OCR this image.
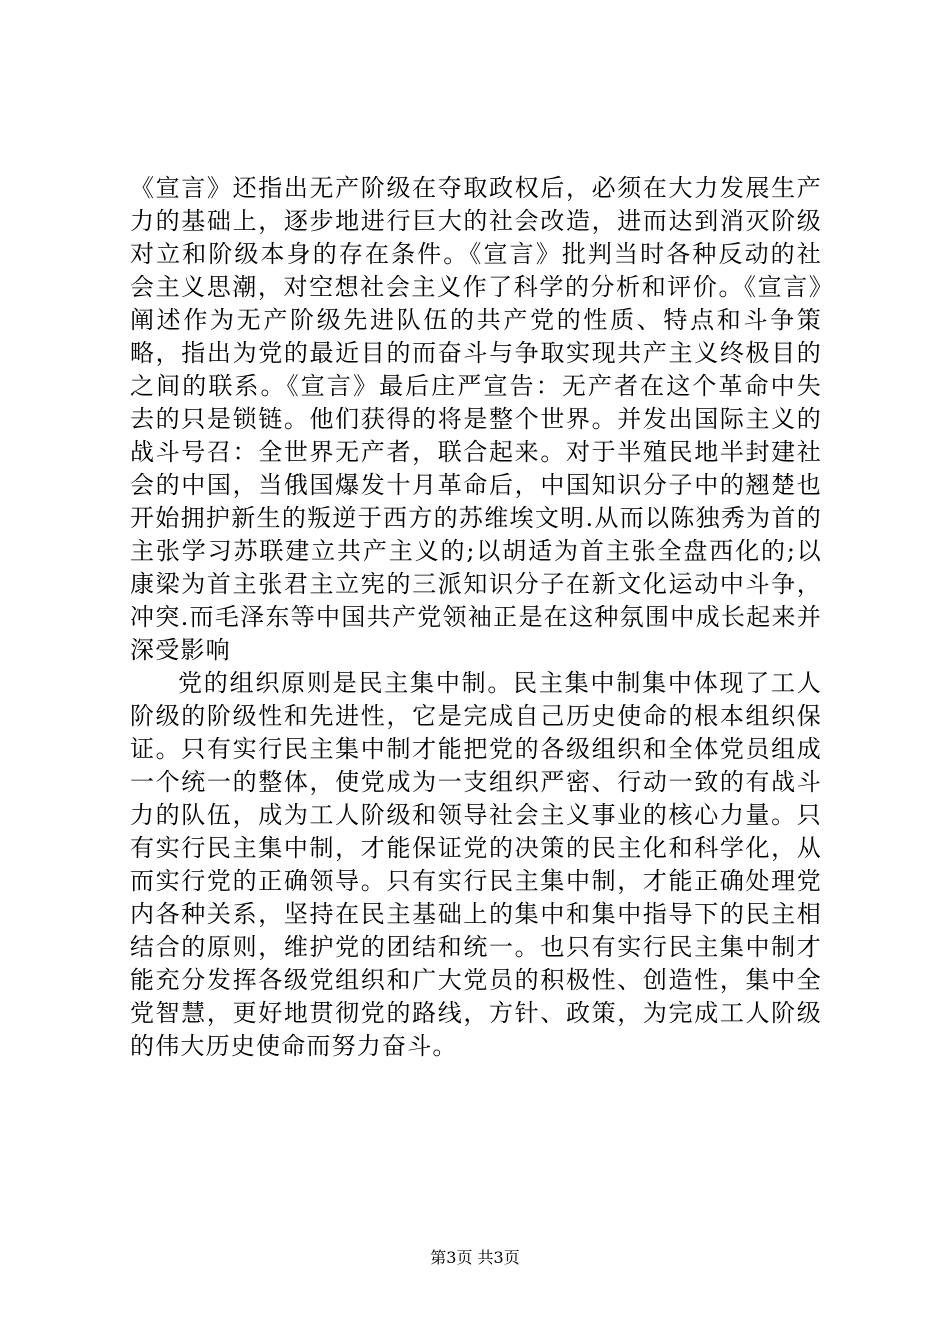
《宣言》还指出无产阶级在夺取政权后，必须在大力发展生产力的基础上，逐步地进行巨大的社会改造，进而达到消灭阶级对立和阶级本身的存在条件。《宣言》批判当时各种反动的社会主义思潮，对空想社会主义作了科学的分析和评价。《宣言》阐述作为无产阶级先进队伍的共产党的性质、特点和斗争策略，指出为党的最近目的而奋斗与争取实现共产主义终极目的之间的联系。《宣言》最后庄严宣告：无产者在这个革命中失去的只是锁链。他们获得的将是整个世界。并发出国际主义的战斗号召：全世界无产者，联合起来。对于半殖民地半封建社会的中国，当俄国爆发十月革命后，中国知识分子中的翘楚也开始拥护新生的叛逆于西方的苏维埃文明.从而以陈独秀为首的主张学习苏联建立共产主义的;以胡适为首主张全盘西化的;以康梁为首主张君主立宪的三派知识分子在新文化运动中斗争，冲突.而毛泽东等中国共产党领袖正是在这种氛围中成长起来并深受影响

党的组织原则是民主集中制。民主集中制集中体现了工人阶级的阶级性和先进性，它是完成自己历史使命的根本组织保证。只有实行民主集中制才能把党的各级组织和全体党员组成一个统一的整体，使党成为一支组织严密、行动一致的有战斗力的队伍，成为工人阶级和领导社会主义事业的核心力量。只有实行民主集中制，才能保证党的决策的民主化和科学化，从而实行党的正确领导。只有实行民主集中制，才能正确处理党内各种关系，坚持在民主基础上的集中和集中指导下的民主相结合的原则，维护党的团结和统一。也只有实行民主集中制才能充分发挥各级党组织和广大党员的积极性、创造性，集中全党智慧，更好地贯彻党的路线，方针、政策，为完成工人阶级的伟大历史使命而努力奋斗。

第3页 共3页
